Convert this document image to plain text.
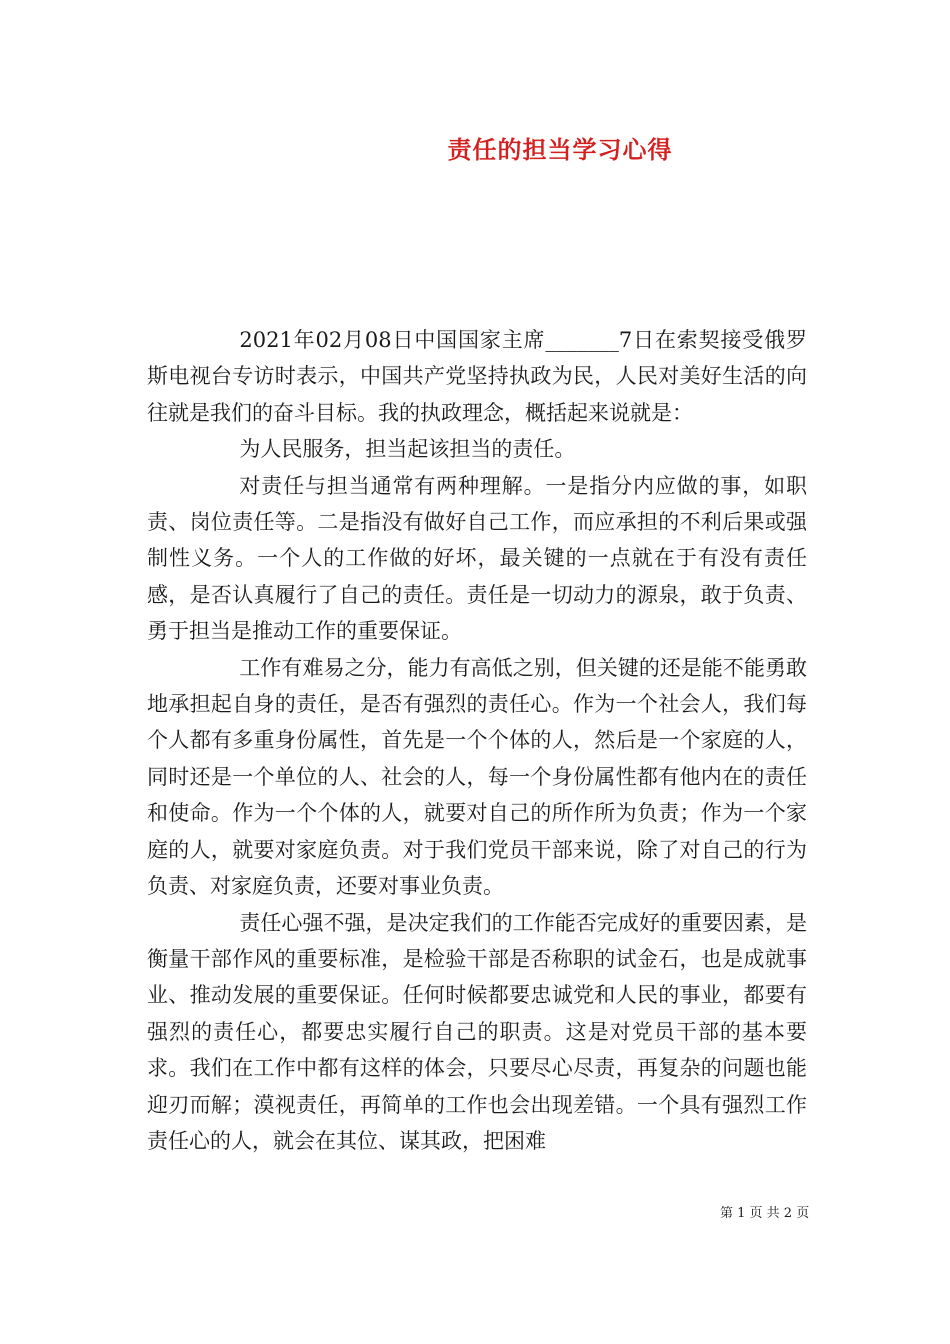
责任的担当学习心得

2021年02月08日中国国家主席_______7日在索契接受俄罗斯电视台专访时表示，中国共产党坚持执政为民，人民对美好生活的向往就是我们的奋斗目标。我的执政理念，概括起来说就是：

为人民服务，担当起该担当的责任。

对责任与担当通常有两种理解。一是指分内应做的事，如职责、岗位责任等。二是指没有做好自己工作，而应承担的不利后果或强制性义务。一个人的工作做的好坏，最关键的一点就在于有没有责任感，是否认真履行了自己的责任。责任是一切动力的源泉，敢于负责、勇于担当是推动工作的重要保证。

工作有难易之分，能力有高低之别，但关键的还是能不能勇敢地承担起自身的责任，是否有强烈的责任心。作为一个社会人，我们每个人都有多重身份属性，首先是一个个体的人，然后是一个家庭的人，同时还是一个单位的人、社会的人，每一个身份属性都有他内在的责任和使命。作为一个个体的人，就要对自己的所作所为负责；作为一个家庭的人，就要对家庭负责。对于我们党员干部来说，除了对自己的行为负责、对家庭负责，还要对事业负责。

责任心强不强，是决定我们的工作能否完成好的重要因素，是衡量干部作风的重要标准，是检验干部是否称职的试金石，也是成就事业、推动发展的重要保证。任何时候都要忠诚党和人民的事业，都要有强烈的责任心，都要忠实履行自己的职责。这是对党员干部的基本要求。我们在工作中都有这样的体会，只要尽心尽责，再复杂的问题也能迎刃而解；漠视责任，再简单的工作也会出现差错。一个具有强烈工作责任心的人，就会在其位、谋其政，把困难

第 1 页 共 2 页
